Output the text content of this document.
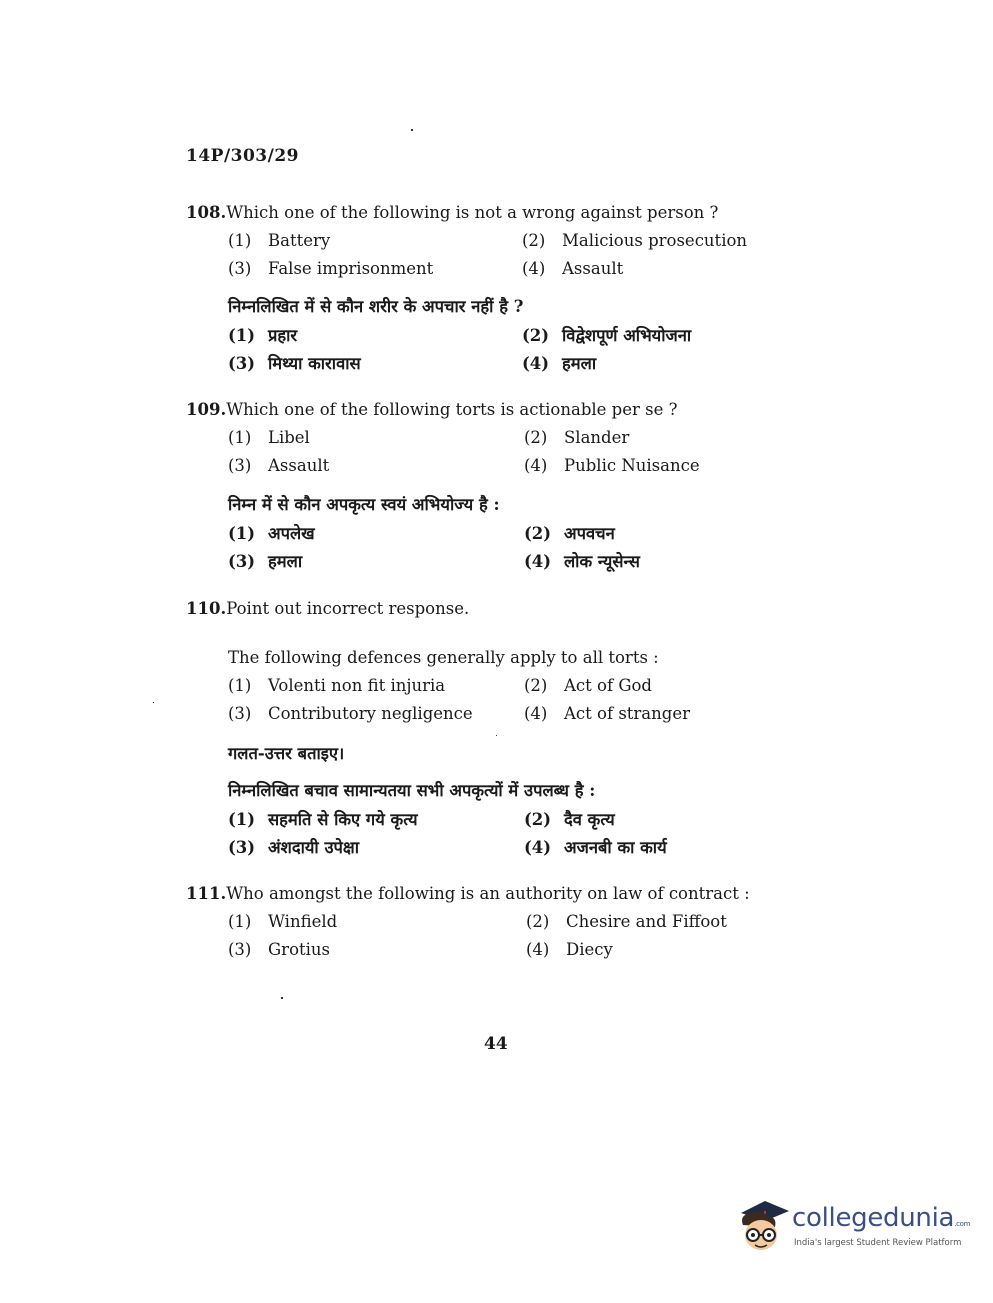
14P/303/29
108.Which one of the following is not a wrong against person ?
(1) Battery	(2) Malicious prosecution
(3) False imprisonment	(4) Assault
निम्नलिखित में से कौन शरीर के अपचार नहीं है ?
(1) प्रहार	(2) विद्वेशपूर्ण अभियोजना
(3) मिथ्या कारावास	(4) हमला
109.Which one of the following torts is actionable per se ?
(1) Libel	(2) Slander
(3) Assault	(4) Public Nuisance
निम्न में से कौन अपकृत्य स्वयं अभियोज्य है :
(1) अपलेख	(2) अपवचन
(3) हमला	(4) लोक न्यूसेन्स
110.Point out incorrect response.
The following defences generally apply to all torts :
(1) Volenti non fit injuria	(2) Act of God
(3) Contributory negligence	(4) Act of stranger
गलत-उत्तर बताइए।
निम्नलिखित बचाव सामान्यतया सभी अपकृत्यों में उपलब्ध है :
(1) सहमति से किए गये कृत्य	(2) दैव कृत्य
(3) अंशदायी उपेक्षा	(4) अजनबी का कार्य
111.Who amongst the following is an authority on law of contract :
(1) Winfield	(2) Chesire and Fiffoot
(3) Grotius	(4) Diecy
44
collegedunia.com
India's largest Student Review Platform
